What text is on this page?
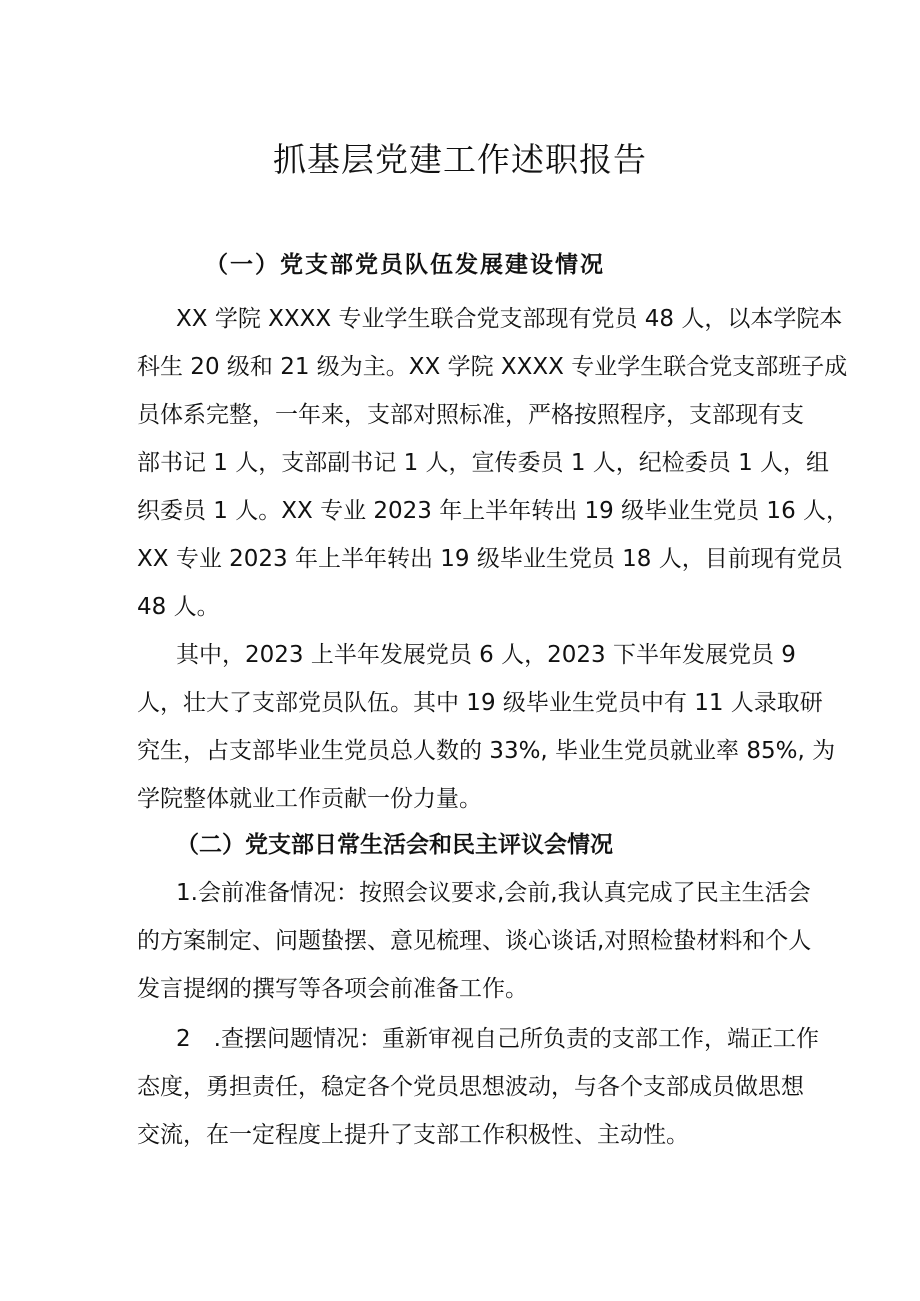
抓基层党建工作述职报告
（一）党支部党员队伍发展建设情况

XX 学院 XXXX 专业学生联合党支部现有党员 48 人，以本学院本

科生 20 级和 21 级为主。XX 学院 XXXX 专业学生联合党支部班子成

员体系完整，一年来，支部对照标准，严格按照程序，支部现有支

部书记 1 人，支部副书记 1 人，宣传委员 1 人，纪检委员 1 人，组

织委员 1 人。XX 专业 2023 年上半年转出 19 级毕业生党员 16 人，

XX 专业 2023 年上半年转出 19 级毕业生党员 18 人，目前现有党员

48 人。

其中，2023 上半年发展党员 6 人，2023 下半年发展党员 9

人，壮大了支部党员队伍。其中 19 级毕业生党员中有 11 人录取研

究生，占支部毕业生党员总人数的 33%, 毕业生党员就业率 85%, 为

学院整体就业工作贡献一份力量。

（二）党支部日常生活会和民主评议会情况

1.会前准备情况：按照会议要求,会前,我认真完成了民主生活会

的方案制定、问题蛰摆、意见梳理、谈心谈话,对照检蛰材料和个人

发言提纲的撰写等各项会前准备工作。

2　.查摆问题情况：重新审视自己所负责的支部工作，端正工作

态度，勇担责任，稳定各个党员思想波动，与各个支部成员做思想

交流，在一定程度上提升了支部工作积极性、主动性。
